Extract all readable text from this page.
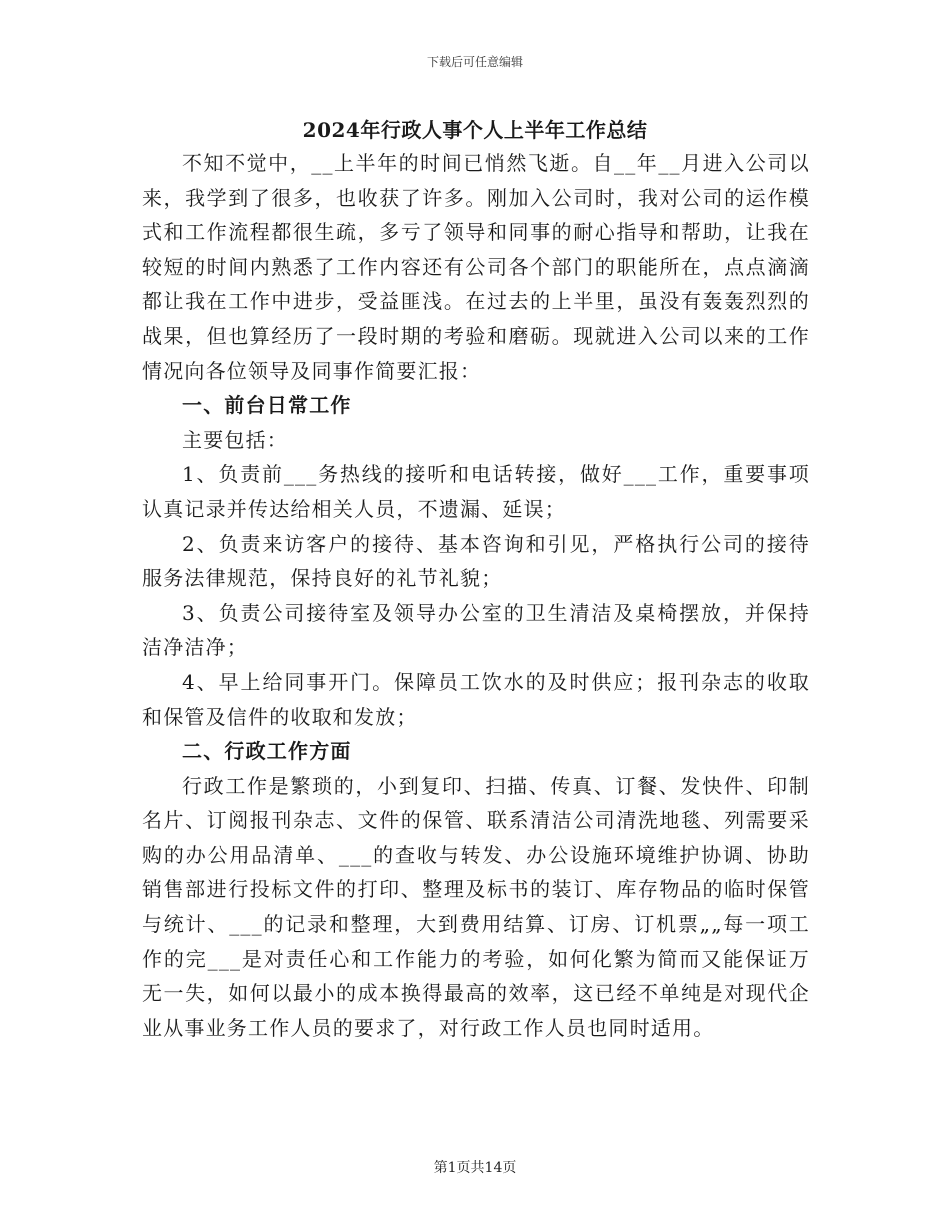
下载后可任意编辑
2024年行政人事个人上半年工作总结

不知不觉中，__上半年的时间已悄然飞逝。自__年__月进入公司以来，我学到了很多，也收获了许多。刚加入公司时，我对公司的运作模式和工作流程都很生疏，多亏了领导和同事的耐心指导和帮助，让我在较短的时间内熟悉了工作内容还有公司各个部门的职能所在，点点滴滴都让我在工作中进步，受益匪浅。在过去的上半里，虽没有轰轰烈烈的战果，但也算经历了一段时期的考验和磨砺。现就进入公司以来的工作情况向各位领导及同事作简要汇报：

一、前台日常工作

主要包括：

1、负责前___务热线的接听和电话转接，做好___工作，重要事项认真记录并传达给相关人员，不遗漏、延误；

2、负责来访客户的接待、基本咨询和引见，严格执行公司的接待服务法律规范，保持良好的礼节礼貌；

3、负责公司接待室及领导办公室的卫生清洁及桌椅摆放，并保持洁净洁净；

4、早上给同事开门。保障员工饮水的及时供应；报刊杂志的收取和保管及信件的收取和发放；

二、行政工作方面

行政工作是繁琐的，小到复印、扫描、传真、订餐、发快件、印制名片、订阅报刊杂志、文件的保管、联系清洁公司清洗地毯、列需要采购的办公用品清单、___的查收与转发、办公设施环境维护协调、协助销售部进行投标文件的打印、整理及标书的装订、库存物品的临时保管与统计、___的记录和整理，大到费用结算、订房、订机票„„每一项工作的完___是对责任心和工作能力的考验，如何化繁为简而又能保证万无一失，如何以最小的成本换得最高的效率，这已经不单纯是对现代企业从事业务工作人员的要求了，对行政工作人员也同时适用。

第1页共14页
